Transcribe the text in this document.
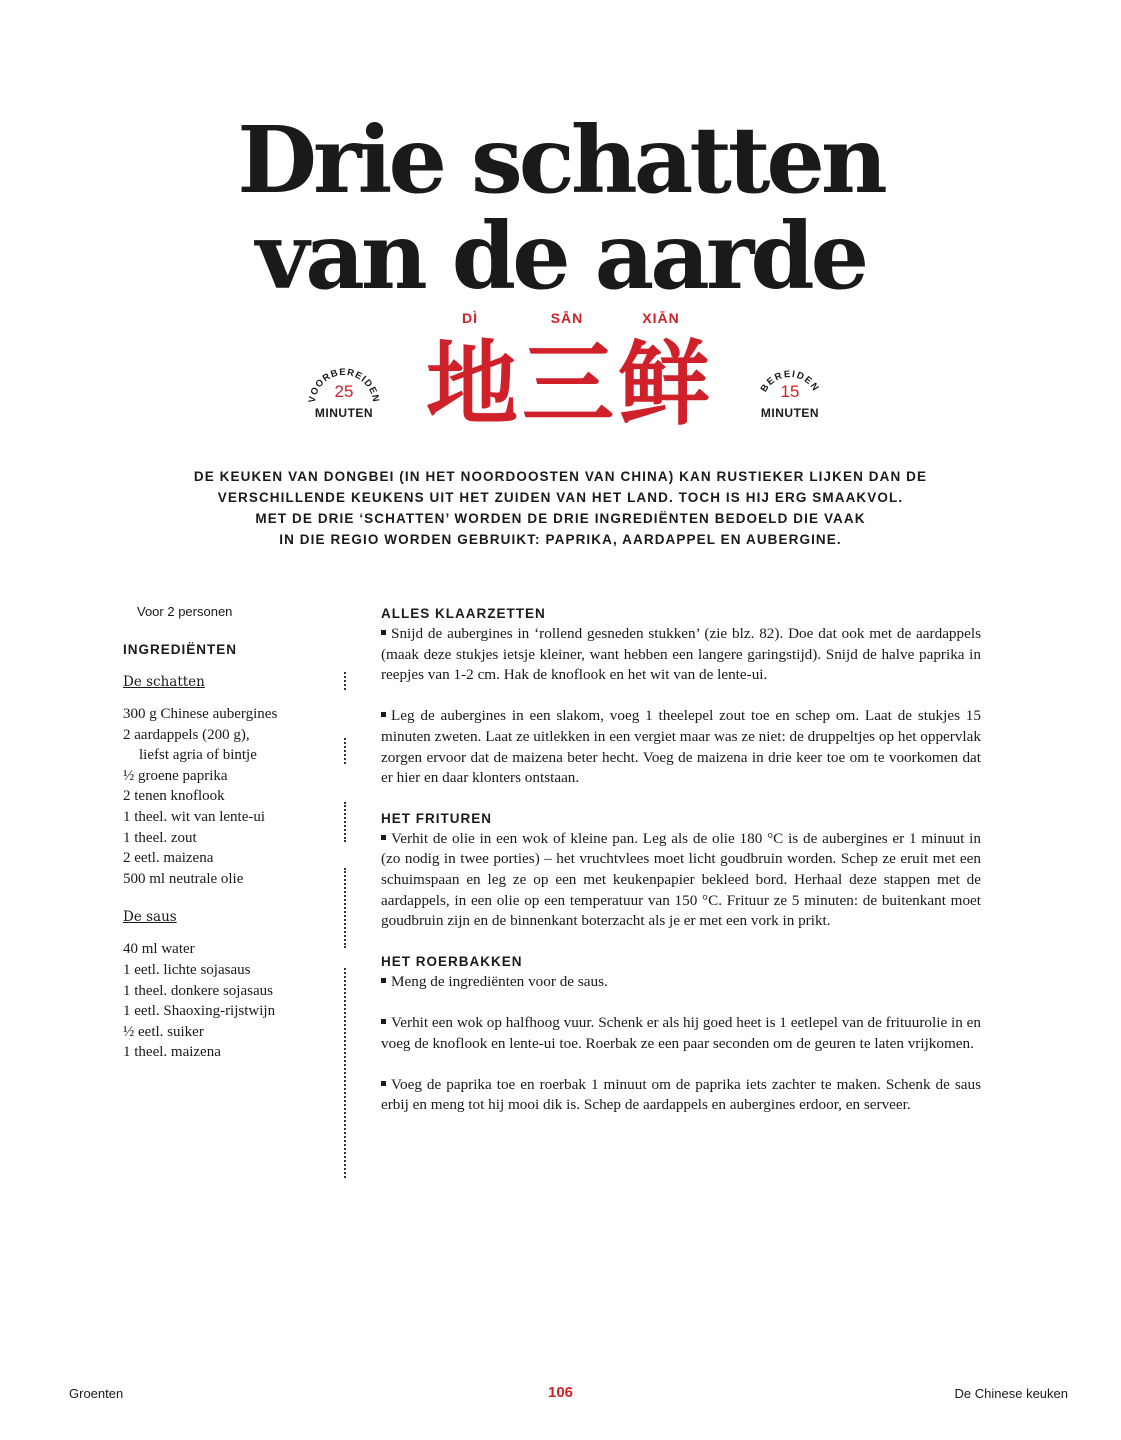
Drie schatten
van de aarde
DÌ	SĀN	XIĀN
地三鲜
VOORBEREIDEN
25
MINUTEN
BEREIDEN
15
MINUTEN

DE KEUKEN VAN DONGBEI (IN HET NOORDOOSTEN VAN CHINA) KAN RUSTIEKER LIJKEN DAN DE

VERSCHILLENDE KEUKENS UIT HET ZUIDEN VAN HET LAND. TOCH IS HIJ ERG SMAAKVOL.

MET DE DRIE ‘SCHATTEN’ WORDEN DE DRIE INGREDIËNTEN BEDOELD DIE VAAK

IN DIE REGIO WORDEN GEBRUIKT: PAPRIKA, AARDAPPEL EN AUBERGINE.

Voor 2 personen

INGREDIËNTEN

De schatten

300 g Chinese aubergines
2 aardappels (200 g),
liefst agria of bintje
½ groene paprika
2 tenen knoflook
1 theel. wit van lente-ui
1 theel. zout
2 eetl. maizena
500 ml neutrale olie

De saus

40 ml water
1 eetl. lichte sojasaus
1 theel. donkere sojasaus
1 eetl. Shaoxing-rijstwijn
½ eetl. suiker
1 theel. maizena
ALLES KLAARZETTEN

Snijd de aubergines in ‘rollend gesneden stukken’ (zie blz. 82). Doe dat ook met de aardappels (maak deze stukjes ietsje kleiner, want hebben een langere garingstijd). Snijd de halve paprika in reepjes van 1-2 cm. Hak de knoflook en het wit van de lente-ui.

Leg de aubergines in een slakom, voeg 1 theelepel zout toe en schep om. Laat de stukjes 15 minuten zweten. Laat ze uitlekken in een vergiet maar was ze niet: de druppeltjes op het oppervlak zorgen ervoor dat de maizena beter hecht. Voeg de maizena in drie keer toe om te voorkomen dat er hier en daar klonters ontstaan.

HET FRITUREN

Verhit de olie in een wok of kleine pan. Leg als de olie 180 °C is de aubergines er 1 minuut in (zo nodig in twee porties) – het vruchtvlees moet licht goudbruin worden. Schep ze eruit met een schuimspaan en leg ze op een met keukenpapier bekleed bord. Herhaal deze stappen met de aardappels, in een olie op een temperatuur van 150 °C. Frituur ze 5 minuten: de buitenkant moet goudbruin zijn en de binnenkant boterzacht als je er met een vork in prikt.

HET ROERBAKKEN

Meng de ingrediënten voor de saus.

Verhit een wok op halfhoog vuur. Schenk er als hij goed heet is 1 eetlepel van de frituurolie in en voeg de knoflook en lente-ui toe. Roerbak ze een paar seconden om de geuren te laten vrijkomen.

Voeg de paprika toe en roerbak 1 minuut om de paprika iets zachter te maken. Schenk de saus erbij en meng tot hij mooi dik is. Schep de aardappels en aubergines erdoor, en serveer.

Groenten	106	De Chinese keuken
